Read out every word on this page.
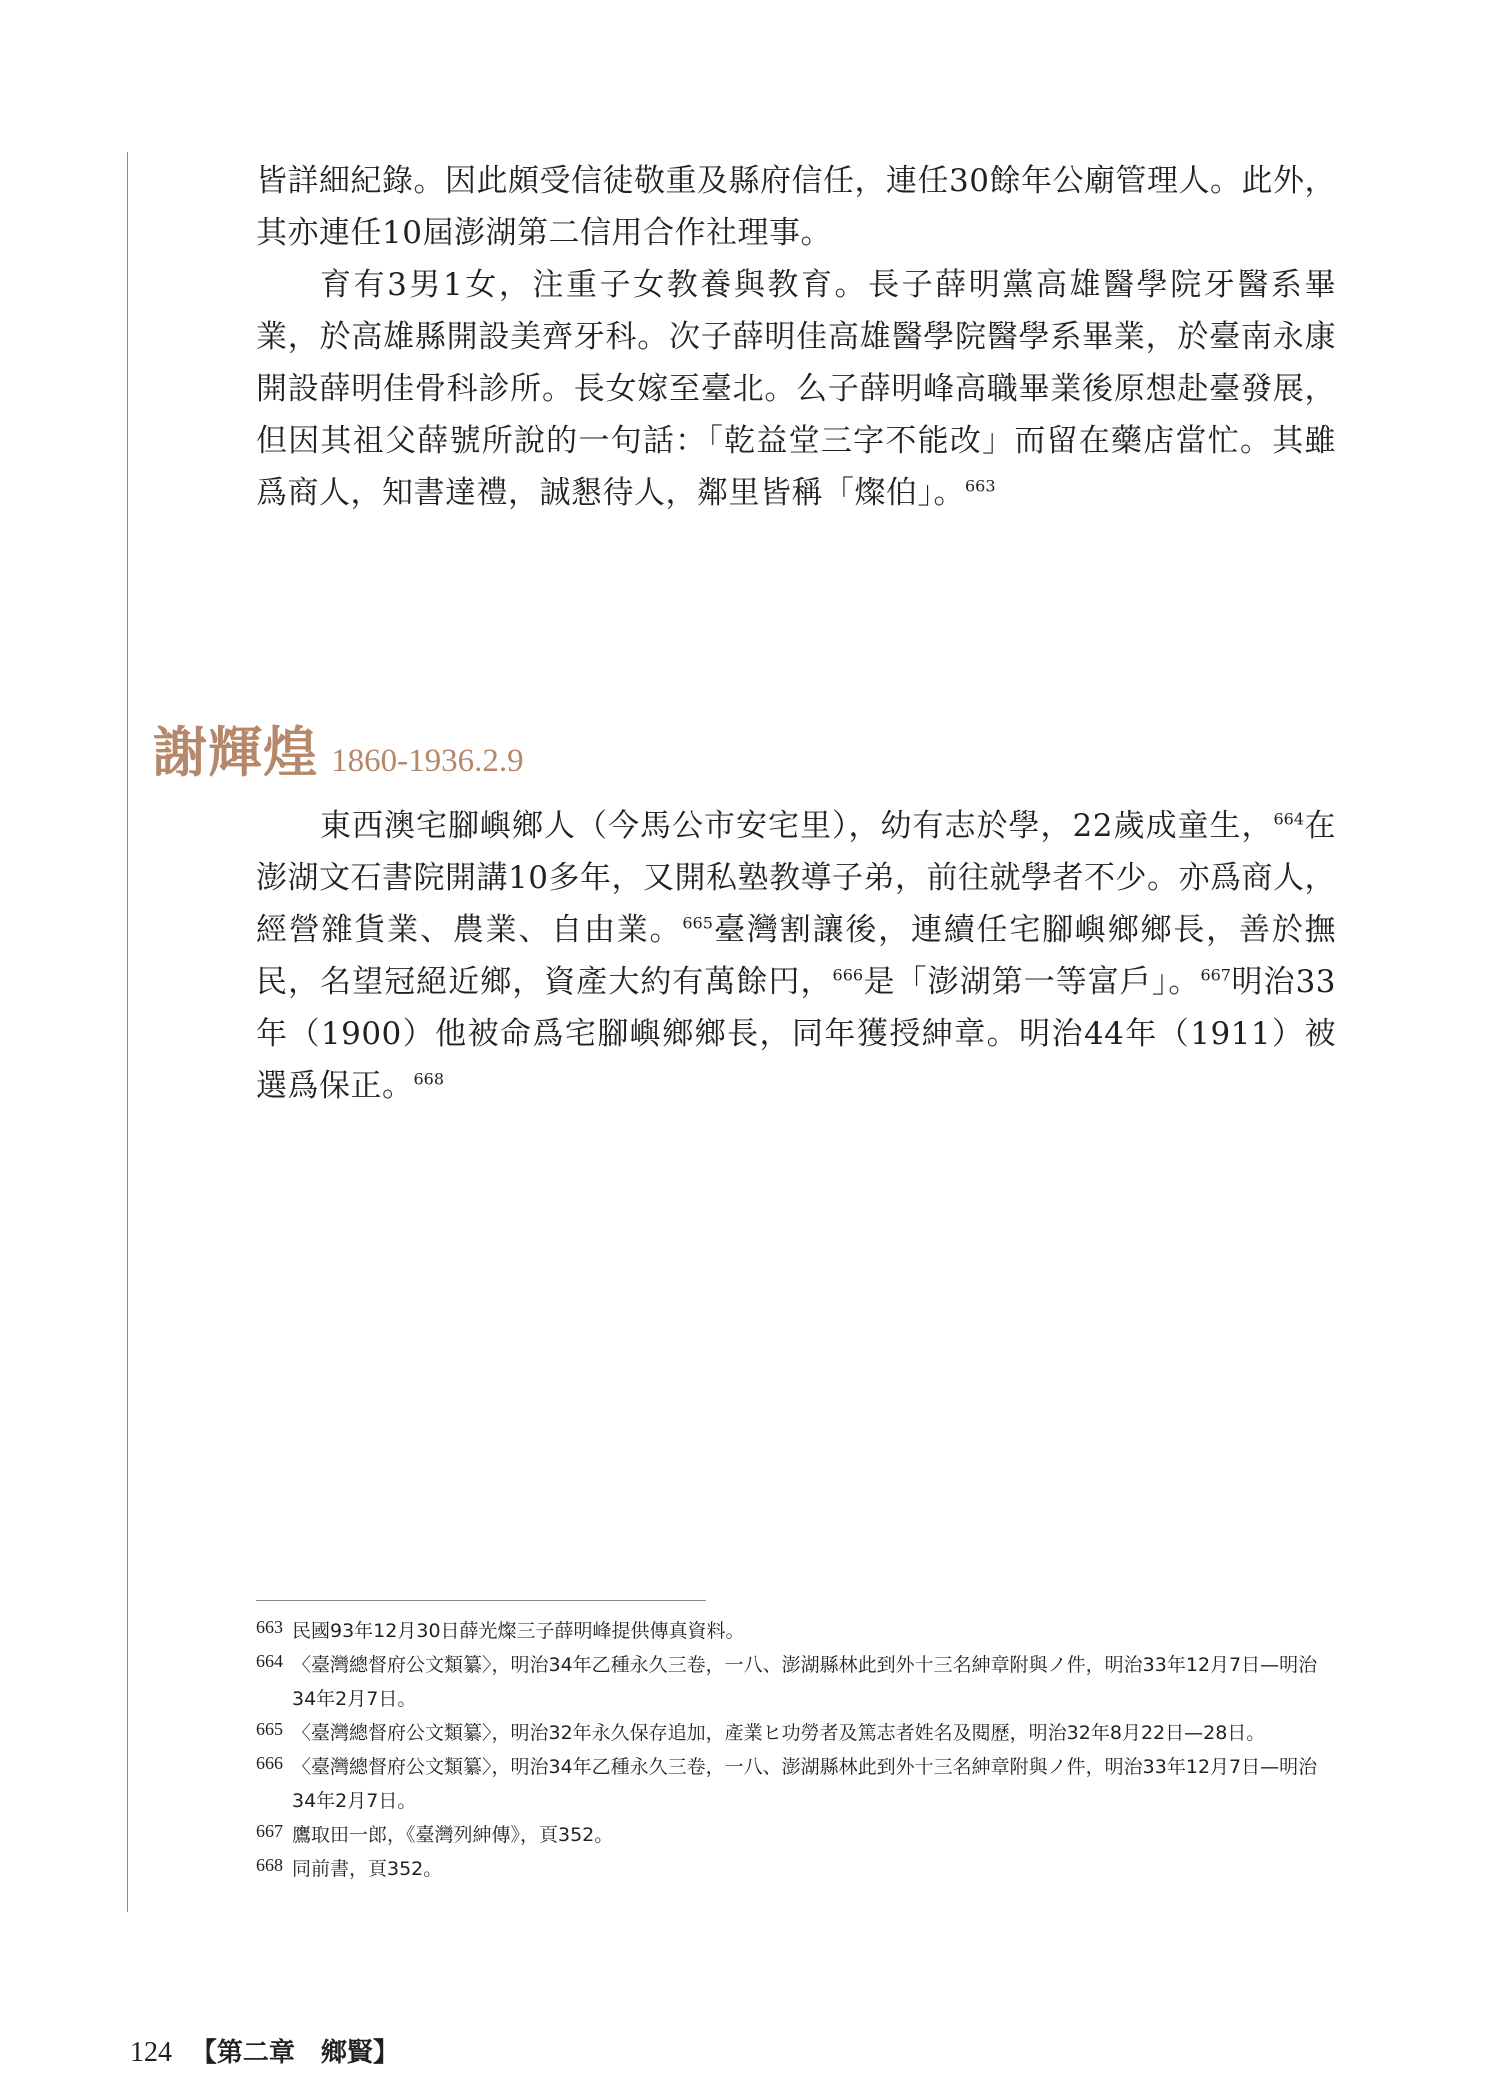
皆詳細紀錄。因此頗受信徒敬重及縣府信任，連任30餘年公廟管理人。此外，其亦連任10屆澎湖第二信用合作社理事。

育有3男1女，注重子女教養與教育。長子薛明黨高雄醫學院牙醫系畢業，於高雄縣開設美齊牙科。次子薛明佳高雄醫學院醫學系畢業，於臺南永康開設薛明佳骨科診所。長女嫁至臺北。么子薛明峰高職畢業後原想赴臺發展，但因其祖父薛號所說的一句話：「乾益堂三字不能改」而留在藥店當忙。其雖爲商人，知書達禮，誠懇待人，鄰里皆稱「燦伯」。$^{663}$

謝輝煌 1860-1936.2.9

東西澳宅腳嶼鄉人（今馬公市安宅里），幼有志於學，22歲成童生，$^{664}$在澎湖文石書院開講10多年，又開私塾教導子弟，前往就學者不少。亦爲商人，經營雜貨業、農業、自由業。$^{665}$臺灣割讓後，連續任宅腳嶼鄉鄉長，善於撫民，名望冠絕近鄉，資產大約有萬餘円，$^{666}$是「澎湖第一等富戶」。$^{667}$明治33年（1900）他被命爲宅腳嶼鄉鄉長，同年獲授紳章。明治44年（1911）被選爲保正。$^{668}$

663 民國93年12月30日薛光燦三子薛明峰提供傳真資料。
664 〈臺灣總督府公文類纂〉，明治34年乙種永久三卷，一八、澎湖縣林此到外十三名紳章附與ノ件，明治33年12月7日—明治34年2月7日。
665 〈臺灣總督府公文類纂〉，明治32年永久保存追加，產業ヒ功勞者及篤志者姓名及閱歷，明治32年8月22日—28日。
666 〈臺灣總督府公文類纂〉，明治34年乙種永久三卷，一八、澎湖縣林此到外十三名紳章附與ノ件，明治33年12月7日—明治34年2月7日。
667 鷹取田一郎，《臺灣列紳傳》，頁352。
668 同前書，頁352。
124 【第二章　鄉賢】
